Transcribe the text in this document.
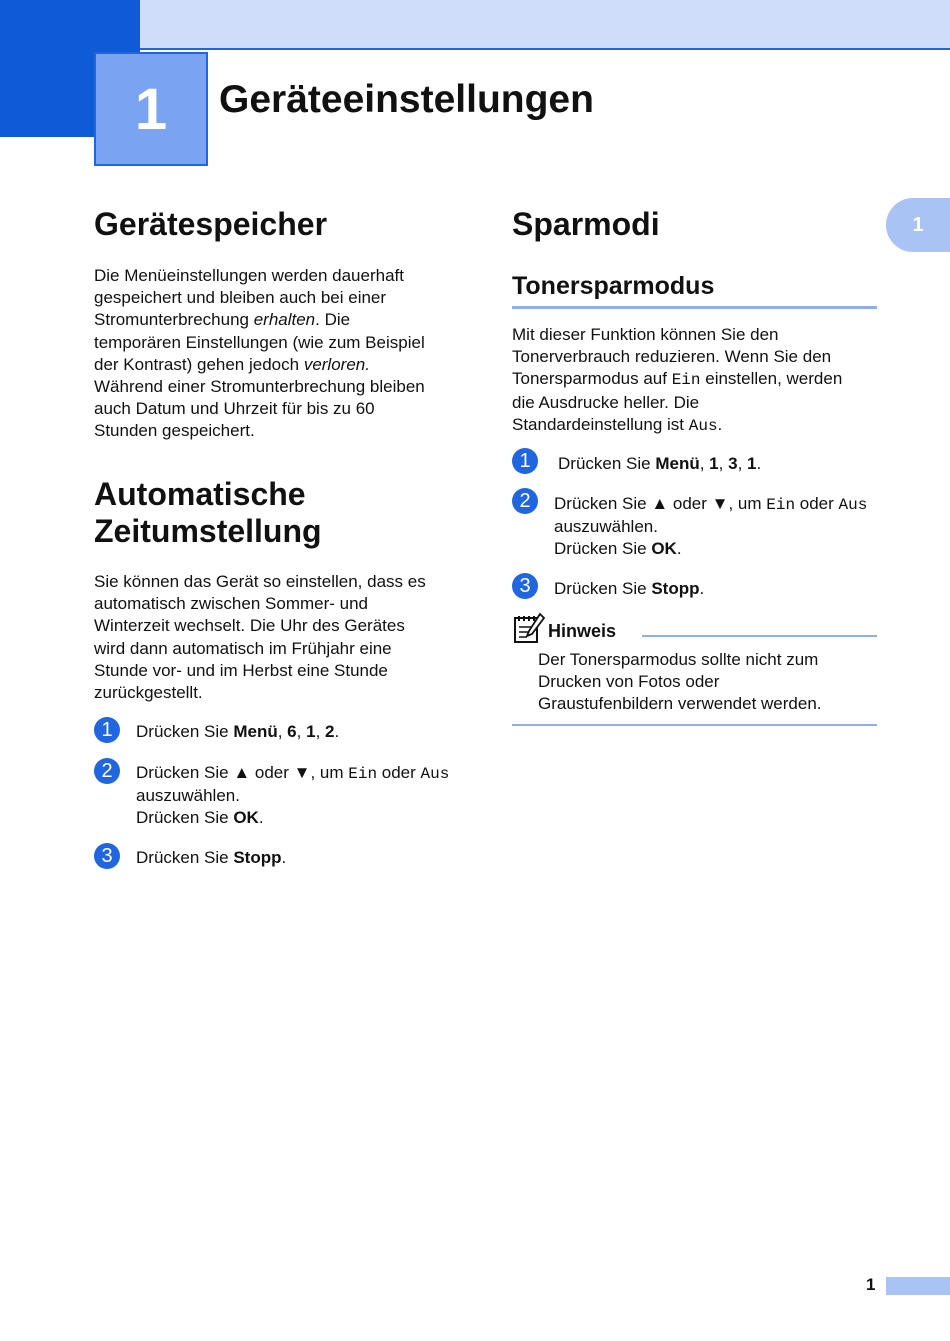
1	Geräteeinstellungen
1
Gerätespeicher

Die Menüeinstellungen werden dauerhaft

gespeichert und bleiben auch bei einer

Stromunterbrechung erhalten. Die

temporären Einstellungen (wie zum Beispiel

der Kontrast) gehen jedoch verloren.

Während einer Stromunterbrechung bleiben

auch Datum und Uhrzeit für bis zu 60

Stunden gespeichert.

Automatische
Zeitumstellung

Sie können das Gerät so einstellen, dass es

automatisch zwischen Sommer- und

Winterzeit wechselt. Die Uhr des Gerätes

wird dann automatisch im Frühjahr eine

Stunde vor- und im Herbst eine Stunde

zurückgestellt.

1	Drücken Sie Menü, 6, 1, 2.
2	Drücken Sie ▲ oder ▼, um Ein oder Aus
auszuwählen.
Drücken Sie OK.
3	Drücken Sie Stopp.
Sparmodi
Tonersparmodus

Mit dieser Funktion können Sie den

Tonerverbrauch reduzieren. Wenn Sie den

Tonersparmodus auf Ein einstellen, werden

die Ausdrucke heller. Die

Standardeinstellung ist Aus.

1	Drücken Sie Menü, 1, 3, 1.
2	Drücken Sie ▲ oder ▼, um Ein oder Aus
auszuwählen.
Drücken Sie OK.
3	Drücken Sie Stopp.
Hinweis

Der Tonersparmodus sollte nicht zum

Drucken von Fotos oder

Graustufenbildern verwendet werden.

1
